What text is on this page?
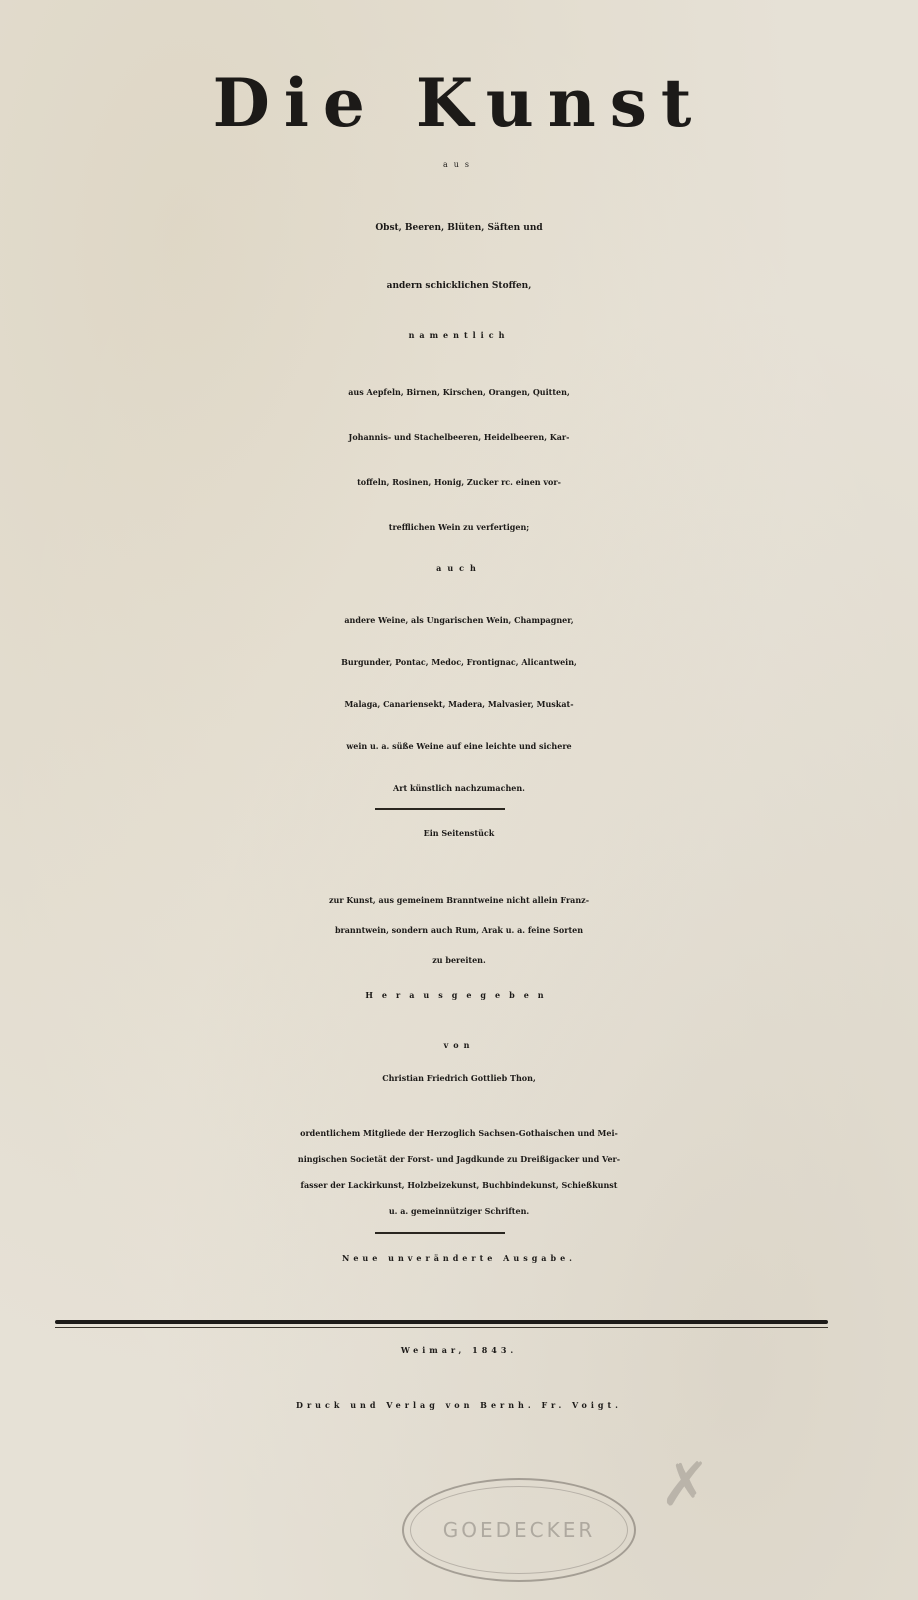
Die Kunst
aus
Obst, Beeren, Blüten, Säften und
andern schicklichen Stoffen,
namentlich
aus Aepfeln, Birnen, Kirschen, Orangen, Quitten,
Johannis- und Stachelbeeren, Heidelbeeren, Kar-
toffeln, Rosinen, Honig, Zucker rc. einen vor-
trefflichen Wein zu verfertigen;
auch
andere Weine, als Ungarischen Wein, Champagner,
Burgunder, Pontac, Medoc, Frontignac, Alicantwein,
Malaga, Canariensekt, Madera, Malvasier, Muskat-
wein u. a. süße Weine auf eine leichte und sichere
Art künstlich nachzumachen.
Ein Seitenstück
zur Kunst, aus gemeinem Branntweine nicht allein Franz-
branntwein, sondern auch Rum, Arak u. a. feine Sorten
zu bereiten.
Herausgegeben
von
Christian Friedrich Gottlieb Thon,
ordentlichem Mitgliede der Herzoglich Sachsen-Gothaischen und Mei-
ningischen Societät der Forst- und Jagdkunde zu Dreißigacker und Ver-
fasser der Lackirkunst, Holzbeizekunst, Buchbindekunst, Schießkunst
u. a. gemeinnütziger Schriften.
Neue unveränderte Ausgabe.
Weimar, 1843.
Druck und Verlag von Bernh. Fr. Voigt.
GOEDECKER
✗
